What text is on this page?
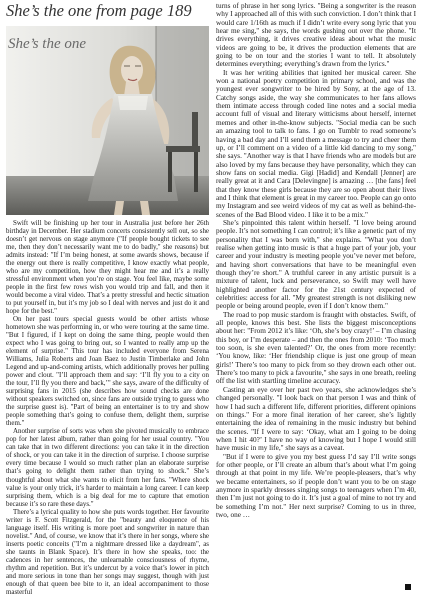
She’s the one from page 189
She’s the one

Swift will be finishing up her tour in Australia just before her 26th birthday in December. Her stadium concerts consistently sell out, so she doesn’t get nervous on stage anymore ("If people bought tickets to see me, then they don’t necessarily want me to do badly," she reasons) but admits instead: "If I’m being honest, at some awards shows, because if the energy out there is really competitive, I know exactly what people, who are my competition, how they might hear me and it’s a really stressful environment when you’re on stage. You feel like, maybe some people in the first few rows wish you would trip and fall, and then it would become a viral video. That’s a pretty stressful and hectic situation to put yourself in, but it’s my job so I deal with nerves and just do it and hope for the best."

On her past tours special guests would be other artists whose hometown she was performing in, or who were touring at the same time. "But I figured, if I kept on doing the same thing, people would then expect who I was going to bring out, so I wanted to really amp up the element of surprise." This tour has included everyone from Serena Williams, Julia Roberts and Joan Baez to Justin Timberlake and John Legend and up-and-coming artists, which additionally proves her pulling power and clout. "I’ll approach them and say: ‘I’ll fly you to a city on the tour, I’ll fly you there and back,’" she says, aware of the difficulty of surprising fans in 2015 (she describes how sound checks are done without speakers switched on, since fans are outside trying to guess who the surprise guest is). "Part of being an entertainer is to try and show people something that’s going to confuse them, delight them, surprise them."

Another surprise of sorts was when she pivoted musically to embrace pop for her latest album, rather than going for her usual country. "You can take that in two different directions: you can take it in the direction of shock, or you can take it in the direction of surprise. I choose surprise every time because I would so much rather plan an elaborate surprise that’s going to delight them rather than trying to shock." She’s thoughtful about what she wants to elicit from her fans. "Where shock value is your only trick, it’s harder to maintain a long career. I can keep surprising them, which is a big deal for me to capture that emotion because it’s so rare these days."

There’s a lyrical quality to how she puts words together. Her favourite writer is F. Scott Fitzgerald, for the "beauty and eloquence of his language itself. His writing is more poet and songwriter in nature than novelist." And, of course, we know that it’s there in her songs, where she inserts poetic conceits ("I’m a nightmare dressed like a daydream", as she taunts in Blank Space). It’s there in how she speaks, too: the cadences in her sentences, the unlearnable consciousness of rhyme, rhythm and repetition. But it’s undercut by a voice that’s lower in pitch and more serious in tone than her songs may suggest, though with just enough of that queen bee bite to it, an ideal accompaniment to those masterful

turns of phrase in her song lyrics. "Being a songwriter is the reason why I approached all of this with such conviction. I don’t think that I would care 1/16th as much if I didn’t write every song lyric that you hear me sing," she says, the words gushing out over the phone. "It drives everything, it drives creative ideas about what the music videos are going to be, it drives the production elements that are going to be on tour and the stories I want to tell. It absolutely determines everything; everything’s drawn from the lyrics."

It was her writing abilities that ignited her musical career. She won a national poetry competition in primary school, and was the youngest ever songwriter to be hired by Sony, at the age of 13. Catchy songs aside, the way she communicates to her fans allows them intimate access through coded line notes and a social media account full of visual and literary witticisms about herself, internet memes and other in-the-know subjects. "Social media can be such an amazing tool to talk to fans. I go on Tumblr to read someone’s having a bad day and I’ll send them a message to try and cheer them up, or I’ll comment on a video of a little kid dancing to my song," she says. "Another way is that I have friends who are models but are also loved by my fans because they have personality, which they can show fans on social media. Gigi [Hadid] and Kendall [Jenner] are really great at it and Cara [Delevingne] is amazing … [the fans] feel that they know these girls because they are so open about their lives and I think that element is great in my career too. People can go onto my Instagram and see weird videos of my cat as well as behind-the-scenes of the Bad Blood video. I like it to be a mix."

She’s pinpointed this talent within herself. "I love being around people. It’s not something I can control; it’s like a genetic part of my personality that I was born with," she explains. "What you don’t realise when getting into music is that a huge part of your job, your career and your industry is meeting people you’ve never met before, and having short conversations that have to be meaningful even though they’re short." A truthful career in any artistic pursuit is a mixture of talent, luck and perseverance, so Swift may well have highlighted another factor for the 21st century expected of celebrities: access for all. "My greatest strength is not disliking new people or being around people, even if I don’t know them."

The road to pop music stardom is fraught with obstacles. Swift, of all people, knows this best. She lists the biggest misconceptions about her: "From 2012 it’s like: ‘Oh, she’s boy crazy!’ – I’m chasing this boy, or I’m desperate – and then the ones from 2010: ‘Too much too soon, is she even talented?’ Or, the ones from more recently: ‘You know, like: ‘Her friendship clique is just one group of mean girls!’ There’s too many to pick from so they drown each other out. There’s too many to pick a favourite," she says in one breath, reeling off the list with startling timeline accuracy.

Casting an eye over her past two years, she acknowledges she’s changed personally. "I look back on that person I was and think of how I had such a different life, different priorities, different opinions on things." For a more final iteration of her career, she’s lightly entertaining the idea of remaining in the music industry but behind the scenes. "If I were to say: ‘Okay, what am I going to be doing when I hit 40?’ I have no way of knowing but I hope I would still have music in my life," she says as a caveat.

"But if I were to give you my best guess I’d say I’ll write songs for other people, or I’ll create an album that’s about what I’m going through at that point in my life. We’re people-pleasers, that’s why we became entertainers, so if people don’t want you to be on stage anymore in sparkly dresses singing songs to teenagers when I’m 40, then I’m just not going to do it. It’s just a goal of mine to not try and be something I’m not." Her next surprise? Coming to us in three, two, one …
